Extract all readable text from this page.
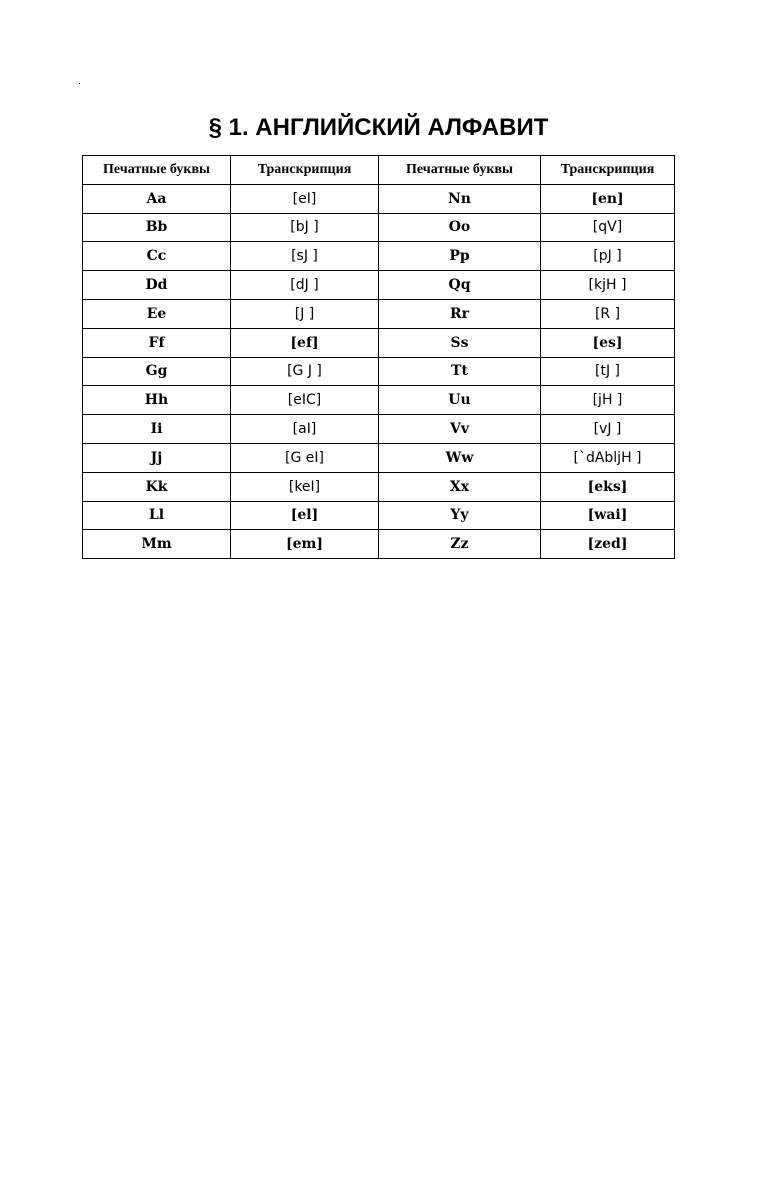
§ 1. АНГЛИЙСКИЙ АЛФАВИТ
Печатные буквы	Транскрипция	Печатные буквы	Транскрипция
Aa	[eI]	Nn	[en]
Bb	[bJ ]	Oo	[qV]
Cc	[sJ ]	Pp	[pJ ]
Dd	[dJ ]	Qq	[kjH ]
Ee	[J ]	Rr	[R ]
Ff	[ef]	Ss	[es]
Gg	[G J ]	Tt	[tJ ]
Hh	[eIC]	Uu	[jH ]
Ii	[aI]	Vv	[vJ ]
Jj	[G eI]	Ww	[`dAbljH ]
Kk	[keI]	Xx	[eks]
Ll	[el]	Yy	[wai]
Mm	[em]	Zz	[zed]
